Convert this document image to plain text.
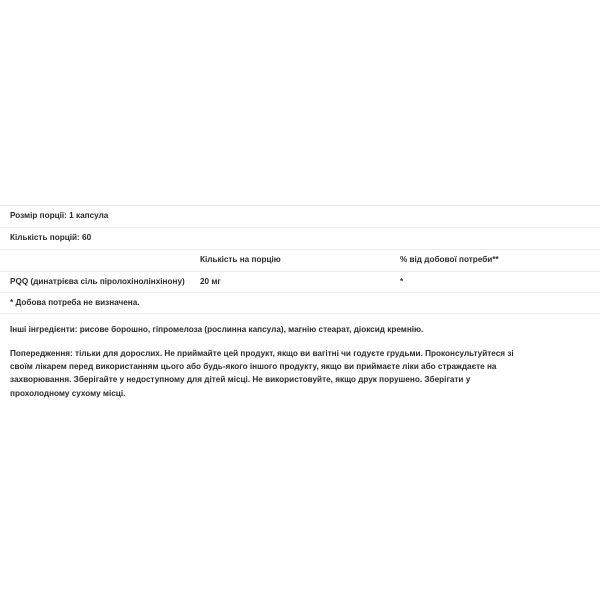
Розмір порції: 1 капсула		

Кількість порцій: 60		

	Кількість на порцію	% від добової потреби**

PQQ (динатрієва сіль піролохінолінхінону)	20 мг	*

* Добова потреба не визначена.		

Інші інгредієнти: рисове борошно, гіпромелоза (рослинна капсула), магнію стеарат, діоксид кремнію.

Попередження: тільки для дорослих. Не приймайте цей продукт, якщо ви вагітні чи годуєте грудьми. Проконсультуйтеся зі
своїм лікарем перед використанням цього або будь-якого іншого продукту, якщо ви приймаєте ліки або страждаєте на
захворювання. Зберігайте у недоступному для дітей місці. Не використовуйте, якщо друк порушено. Зберігати у
прохолодному сухому місці.
